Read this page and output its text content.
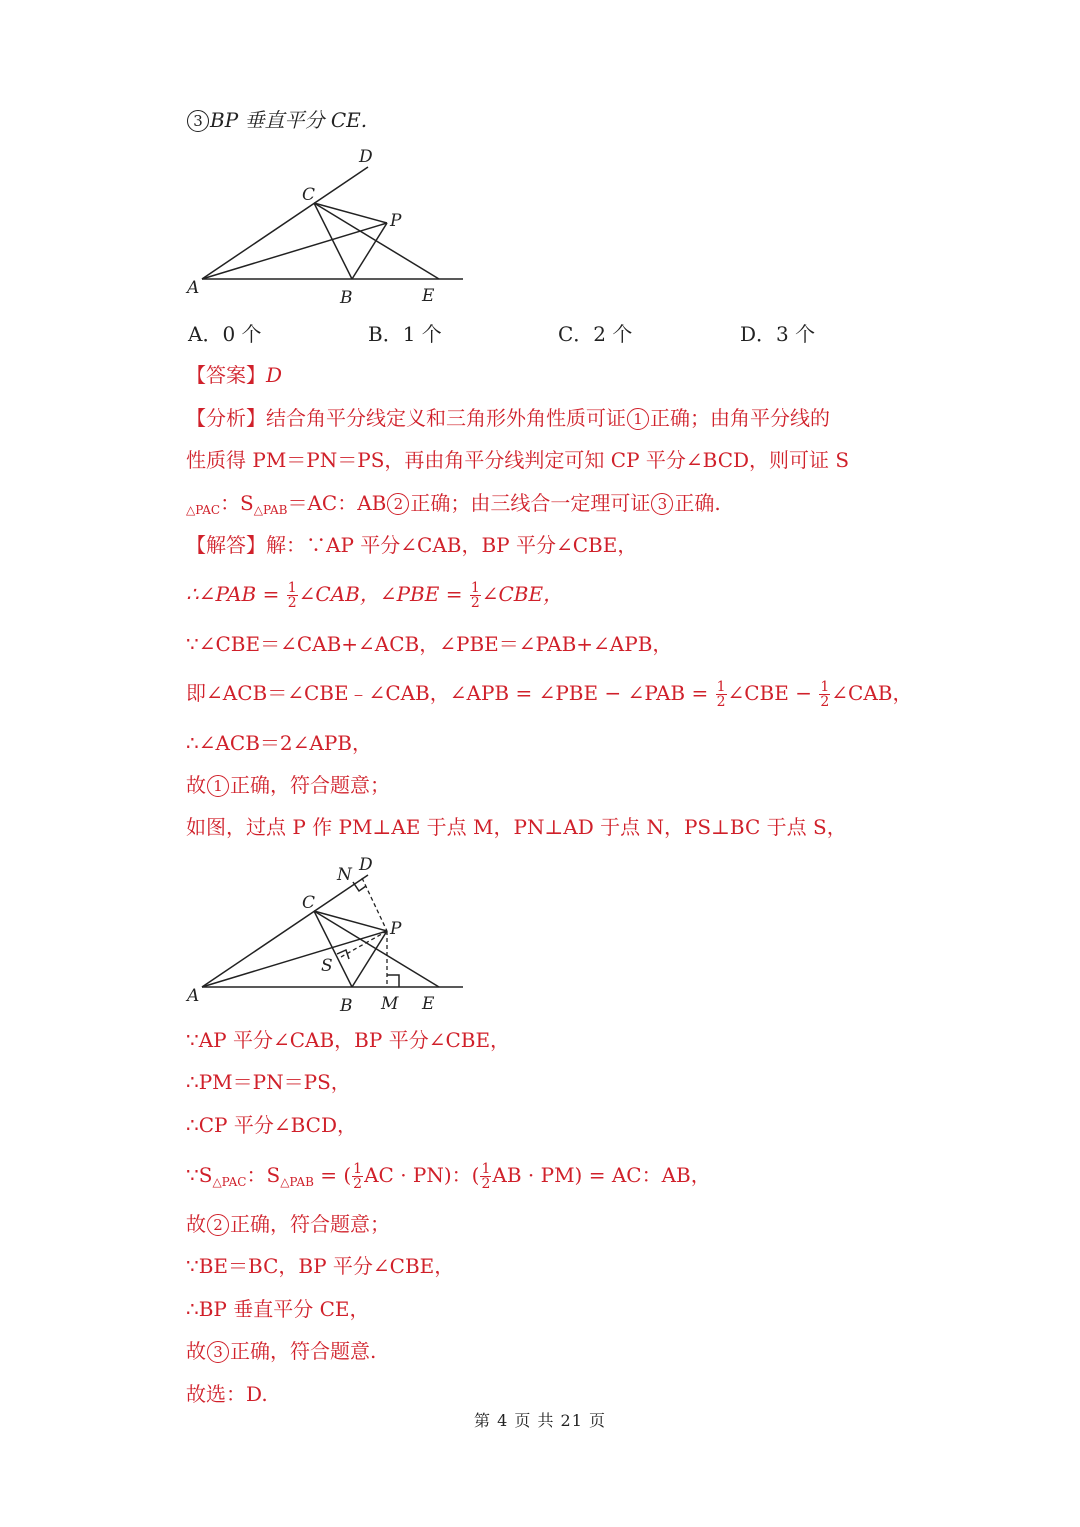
3 BP 垂直平分 CE.
D
C
P
A	B	E
A．0 个	B．1 个	C．2 个	D．3 个
【答案】D
【分析】结合角平分线定义和三角形外角性质可证 1 正确；由角平分线的
性质得 PM＝PN＝PS，再由角平分线判定可知 CP 平分∠BCD，则可证 S
$_{\triangle PAC}$：$S_{\triangle PAB}=AC$：AB 2 正确；由三线合一定理可证 3 正确.
【解答】解：∵AP 平分∠CAB，BP 平分∠CBE，
∴∠PAB = $\frac{1}{2}$ ∠CAB，∠PBE = $\frac{1}{2}$ ∠CBE，
∵∠CBE＝∠CAB+∠ACB，∠PBE＝∠PAB+∠APB，
即∠ACB＝∠CBE﹣∠CAB，∠APB = ∠PBE − ∠PAB = $\frac{1}{2}$ ∠CBE − $\frac{1}{2}$ ∠CAB，
∴∠ACB＝2∠APB，
故 1 正确，符合题意；
如图，过点 P 作 PM⊥AE 于点 M，PN⊥AD 于点 N，PS⊥BC 于点 S，
N D
C
P
S
A	B M E
∵AP 平分∠CAB，BP 平分∠CBE，
∴PM＝PN＝PS，
∴CP 平分∠BCD，
$\because S_{\triangle PAC}$：$S_{\triangle PAB}$ = ( $\frac{1}{2}$ AC · PN)：( $\frac{1}{2}$ AB · PM) = AC：AB，
故 2 正确，符合题意；
∵BE＝BC，BP 平分∠CBE，
∴BP 垂直平分 CE，
故 3 正确，符合题意.
故选：D.
第 4 页 共 21 页
